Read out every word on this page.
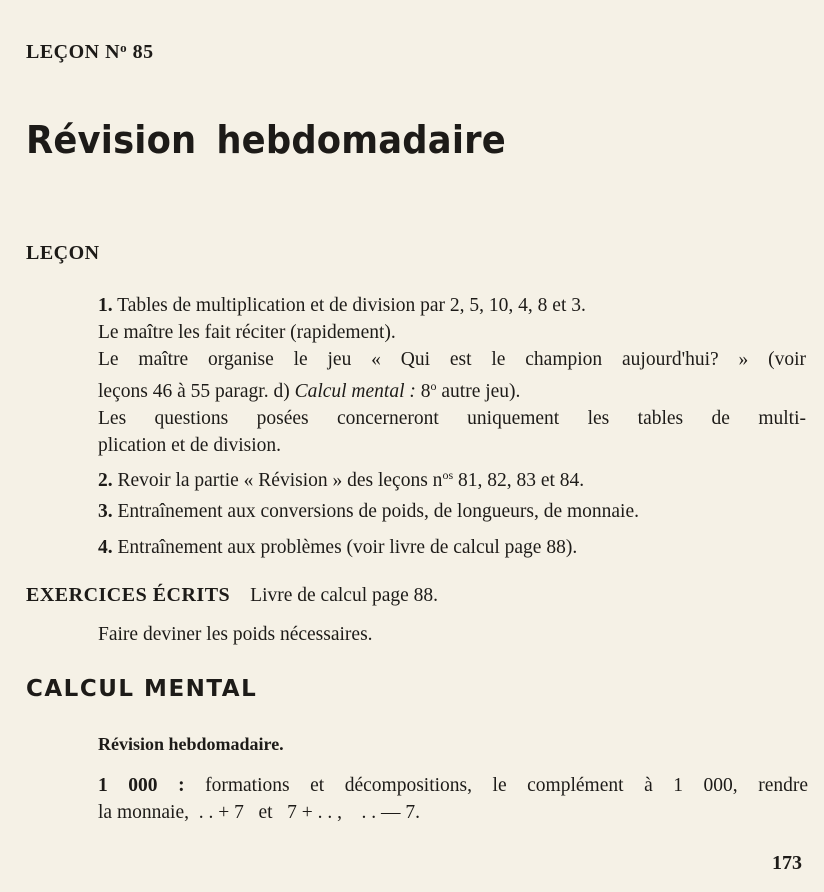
LEÇON $N^o$ 85
Révision hebdomadaire
LEÇON

1. Tables de multiplication et de division par 2, 5, 10, 4, 8 et 3.

Le maître les fait réciter (rapidement).

Le maître organise le jeu « Qui est le champion aujourd'hui? » (voir

leçons 46 à 55 paragr. d) Calcul mental : 8$^o$ autre jeu).

Les questions posées concerneront uniquement les tables de multi-

plication et de division.

2. Revoir la partie « Révision » des leçons $n^{os}$ 81, 82, 83 et 84.

3. Entraînement aux conversions de poids, de longueurs, de monnaie.

4. Entraînement aux problèmes (voir livre de calcul page 88).

EXERCICES ÉCRITS Livre de calcul page 88.
Faire deviner les poids nécessaires.
CALCUL MENTAL
Révision hebdomadaire.

1 000 : formations et décompositions, le complément à 1 000, rendre

la monnaie,  . . + 7   et   7 + . . ,    . . — 7.

173
